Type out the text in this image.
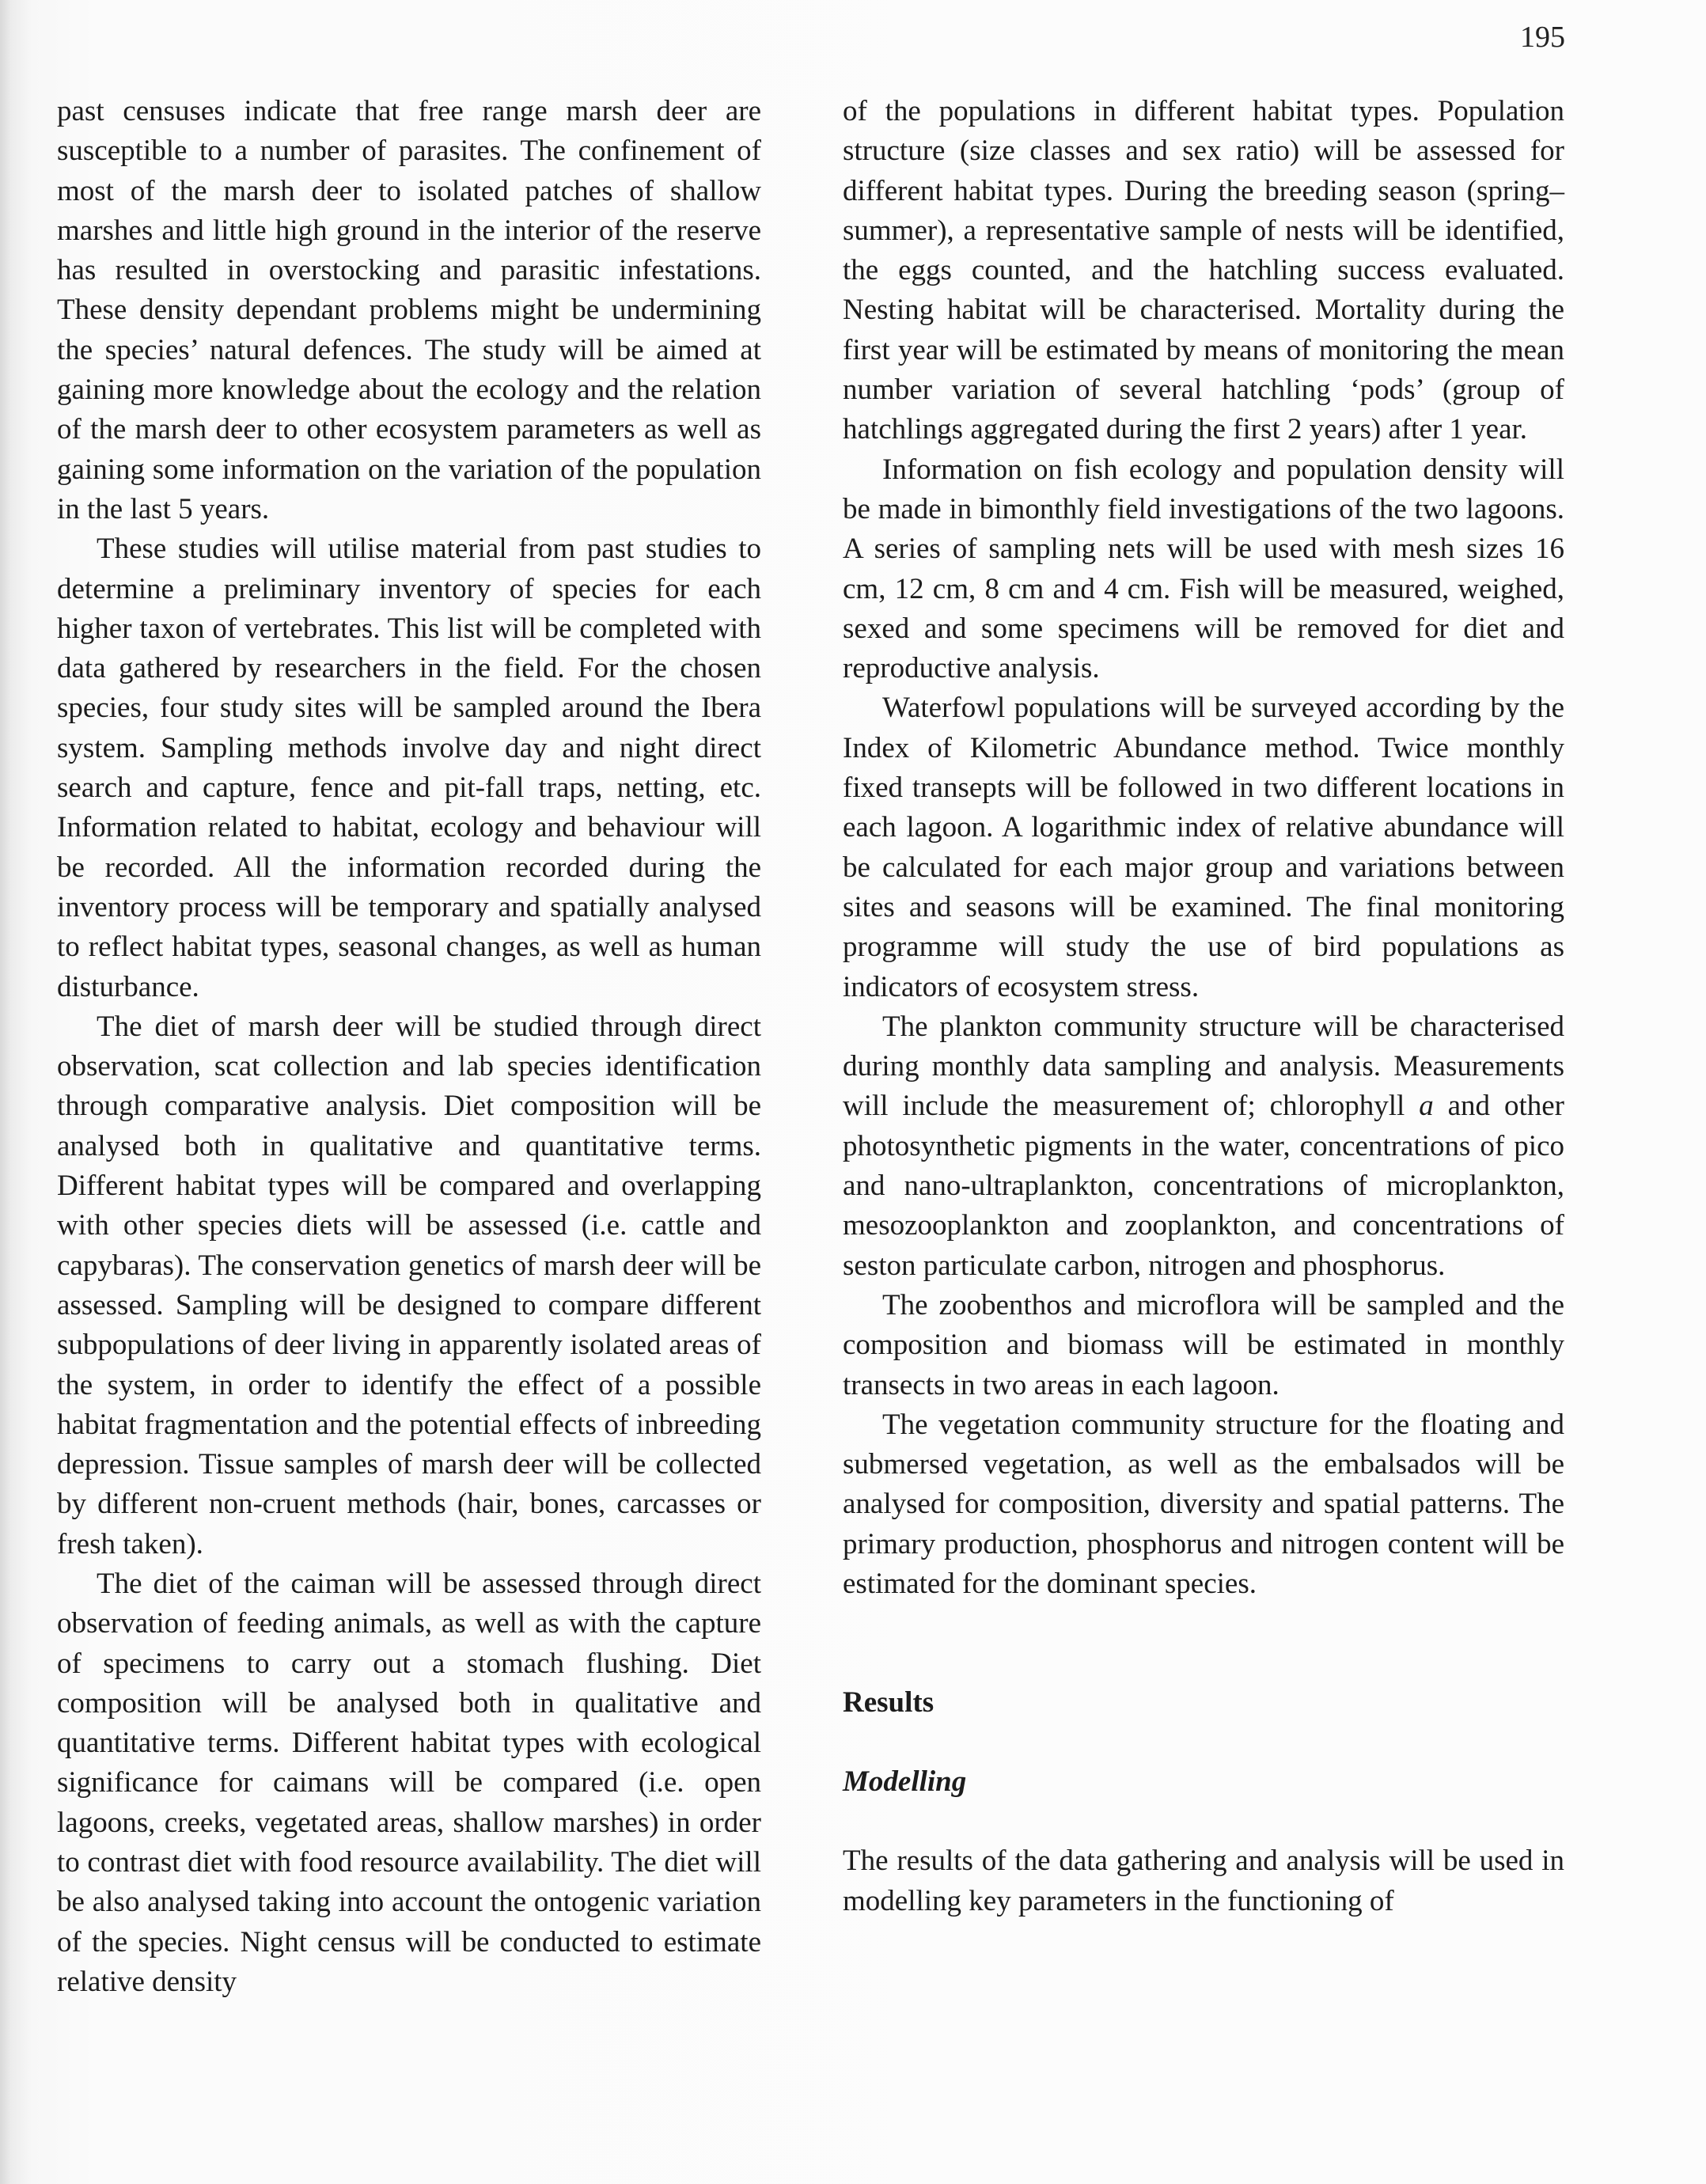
195

past censuses indicate that free range marsh deer are susceptible to a number of parasites. The confinement of most of the marsh deer to isolated patches of shallow marshes and little high ground in the interior of the reserve has resulted in overstocking and parasitic infestations. These density dependant problems might be undermining the species’ natural defences. The study will be aimed at gaining more knowledge about the ecology and the relation of the marsh deer to other ecosystem parameters as well as gaining some information on the variation of the population in the last 5 years.

These studies will utilise material from past studies to determine a preliminary inventory of species for each higher taxon of vertebrates. This list will be completed with data gathered by researchers in the field. For the chosen species, four study sites will be sampled around the Ibera system. Sampling methods involve day and night direct search and capture, fence and pit-fall traps, netting, etc. Information related to habitat, ecology and behaviour will be recorded. All the information recorded during the inventory process will be temporary and spatially analysed to reflect habitat types, seasonal changes, as well as human disturbance.

The diet of marsh deer will be studied through direct observation, scat collection and lab species identification through comparative analysis. Diet composition will be analysed both in qualitative and quantitative terms. Different habitat types will be compared and overlapping with other species diets will be assessed (i.e. cattle and capybaras). The conservation genetics of marsh deer will be assessed. Sampling will be designed to compare different subpopulations of deer living in apparently isolated areas of the system, in order to identify the effect of a possible habitat fragmentation and the potential effects of inbreeding depression. Tissue samples of marsh deer will be collected by different non-cruent methods (hair, bones, carcasses or fresh taken).

The diet of the caiman will be assessed through direct observation of feeding animals, as well as with the capture of specimens to carry out a stomach flushing. Diet composition will be analysed both in qualitative and quantitative terms. Different habitat types with ecological significance for caimans will be compared (i.e. open lagoons, creeks, vegetated areas, shallow marshes) in order to contrast diet with food resource availability. The diet will be also analysed taking into account the ontogenic variation of the species. Night census will be conducted to estimate relative density

of the populations in different habitat types. Population structure (size classes and sex ratio) will be assessed for different habitat types. During the breeding season (spring–summer), a representative sample of nests will be identified, the eggs counted, and the hatchling success evaluated. Nesting habitat will be characterised. Mortality during the first year will be estimated by means of monitoring the mean number variation of several hatchling ‘pods’ (group of hatchlings aggregated during the first 2 years) after 1 year.

Information on fish ecology and population density will be made in bimonthly field investigations of the two lagoons. A series of sampling nets will be used with mesh sizes 16 cm, 12 cm, 8 cm and 4 cm. Fish will be measured, weighed, sexed and some specimens will be removed for diet and reproductive analysis.

Waterfowl populations will be surveyed according by the Index of Kilometric Abundance method. Twice monthly fixed transepts will be followed in two different locations in each lagoon. A logarithmic index of relative abundance will be calculated for each major group and variations between sites and seasons will be examined. The final monitoring programme will study the use of bird populations as indicators of ecosystem stress.

The plankton community structure will be characterised during monthly data sampling and analysis. Measurements will include the measurement of; chlorophyll a and other photosynthetic pigments in the water, concentrations of pico and nano-ultraplankton, concentrations of microplankton, mesozooplankton and zooplankton, and concentrations of seston particulate carbon, nitrogen and phosphorus.

The zoobenthos and microflora will be sampled and the composition and biomass will be estimated in monthly transects in two areas in each lagoon.

The vegetation community structure for the floating and submersed vegetation, as well as the embalsados will be analysed for composition, diversity and spatial patterns. The primary production, phosphorus and nitrogen content will be estimated for the dominant species.

Results
Modelling

The results of the data gathering and analysis will be used in modelling key parameters in the functioning of
